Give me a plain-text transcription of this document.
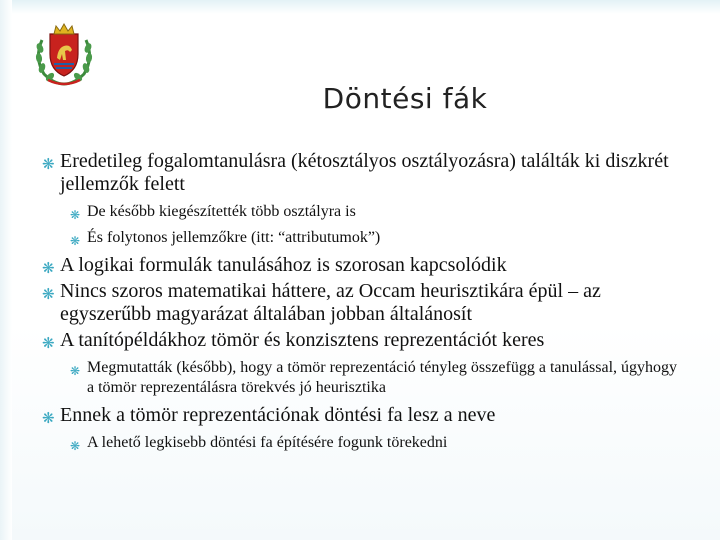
Döntési fák
❋ Eredetileg fogalomtanulásra (kétosztályos osztályozásra) találták ki diszkrét jellemzők felett
❋ De később kiegészítették több osztályra is
❋ És folytonos jellemzőkre (itt: “attributumok”)
❋ A logikai formulák tanulásához is szorosan kapcsolódik
❋ Nincs szoros matematikai háttere, az Occam heurisztikára épül – az egyszerűbb magyarázat általában jobban általánosít
❋ A tanítópéldákhoz tömör és konzisztens reprezentációt keres
❋ Megmutatták (később), hogy a tömör reprezentáció tényleg összefügg a tanulással, úgyhogy a tömör reprezentálásra törekvés jó heurisztika
❋ Ennek a tömör reprezentációnak döntési fa lesz a neve
❋ A lehető legkisebb döntési fa építésére fogunk törekedni
